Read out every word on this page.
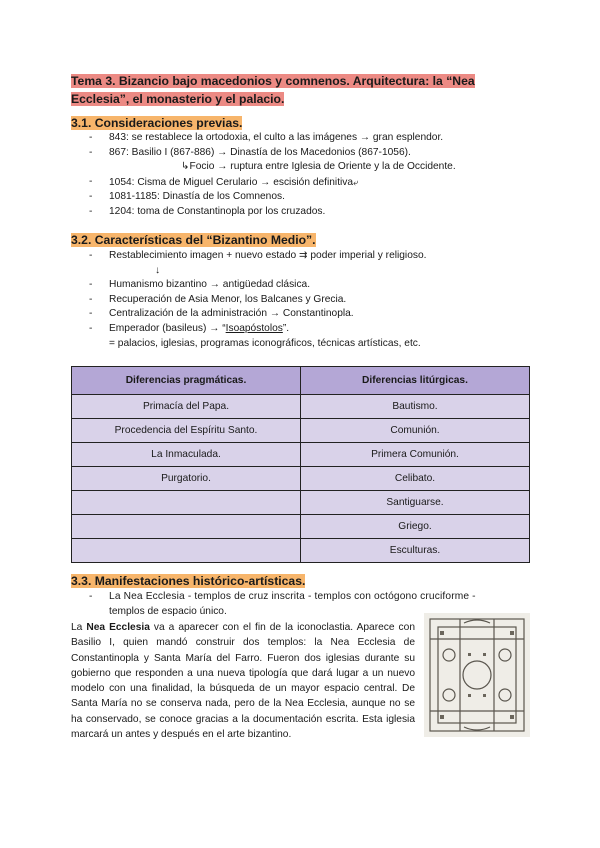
Tema 3. Bizancio bajo macedonios y comnenos. Arquitectura: la “Nea
Ecclesia”, el monasterio y el palacio.
3.1. Consideraciones previas.
- 843: se restablece la ortodoxia, el culto a las imágenes → gran esplendor.
- 867: Basilio I (867-886) → Dinastía de los Macedonios (867-1056).
↳Focio → ruptura entre Iglesia de Oriente y la de Occidente.
- 1054: Cisma de Miguel Cerulario → escisión definitiva⤶
- 1081-1185: Dinastía de los Comnenos.
- 1204: toma de Constantinopla por los cruzados.
3.2. Características del “Bizantino Medio”.
- Restablecimiento imagen + nuevo estado ⇉ poder imperial y religioso.
↓
- Humanismo bizantino → antigüedad clásica.
- Recuperación de Asia Menor, los Balcanes y Grecia.
- Centralización de la administración → Constantinopla.
- Emperador (basileus) → “Isoapóstolos”.
= palacios, iglesias, programas iconográficos, técnicas artísticas, etc.
Diferencias pragmáticas.	Diferencias litúrgicas.
Primacía del Papa.	Bautismo.
Procedencia del Espíritu Santo.	Comunión.
La Inmaculada.	Primera Comunión.
Purgatorio.	Celibato.
	Santiguarse.
	Griego.
	Esculturas.
3.3. Manifestaciones histórico-artísticas.
- La Nea Ecclesia - templos de cruz inscrita - templos con octógono cruciforme -
templos de espacio único.
La Nea Ecclesia va a aparecer con el fin de la iconoclastia. Aparece con Basilio I, quien mandó construir dos templos: la Nea Ecclesia de Constantinopla y Santa María del Farro. Fueron dos iglesias durante su gobierno que responden a una nueva tipología que dará lugar a un nuevo modelo con una finalidad, la búsqueda de un mayor espacio central. De Santa María no se conserva nada, pero de la Nea Ecclesia, aunque no se ha conservado, se conoce gracias a la documentación escrita. Esta iglesia marcará un antes y después en el arte bizantino.
